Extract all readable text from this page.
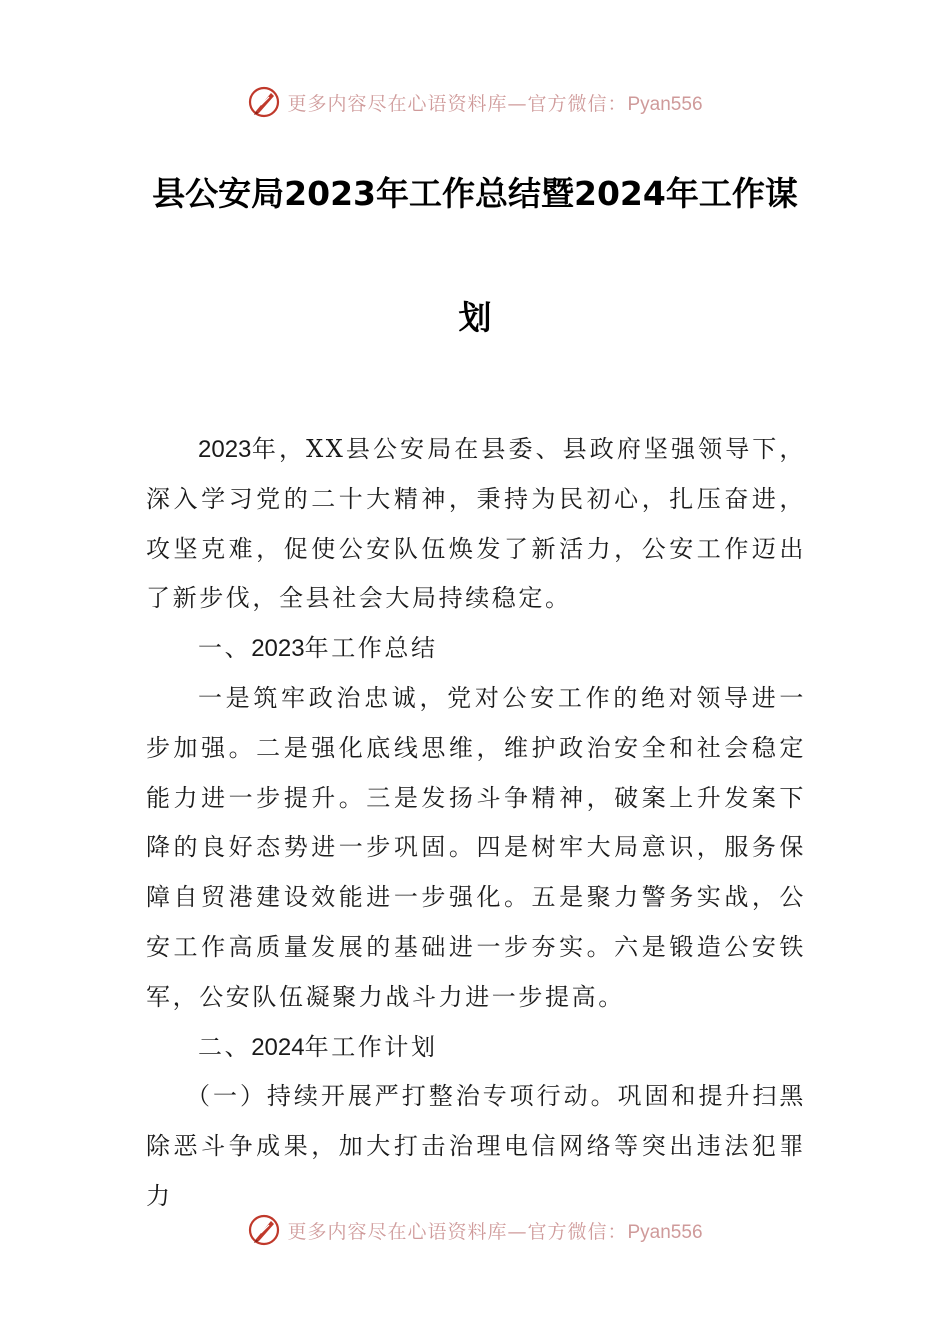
更多内容尽在心语资料库—官方微信：Pyan556
县公安局2023年工作总结暨2024年工作谋
划

2023年，XX县公安局在县委、县政府坚强领导下，深入学习党的二十大精神，秉持为民初心，扎压奋进，攻坚克难，促使公安队伍焕发了新活力，公安工作迈出了新步伐，全县社会大局持续稳定。

一、2023年工作总结

一是筑牢政治忠诚，党对公安工作的绝对领导进一步加强。二是强化底线思维，维护政治安全和社会稳定能力进一步提升。三是发扬斗争精神，破案上升发案下降的良好态势进一步巩固。四是树牢大局意识，服务保障自贸港建设效能进一步强化。五是聚力警务实战，公安工作高质量发展的基础进一步夯实。六是锻造公安铁军，公安队伍凝聚力战斗力进一步提高。

二、2024年工作计划

（一）持续开展严打整治专项行动。巩固和提升扫黑除恶斗争成果，加大打击治理电信网络等突出违法犯罪力

更多内容尽在心语资料库—官方微信：Pyan556
